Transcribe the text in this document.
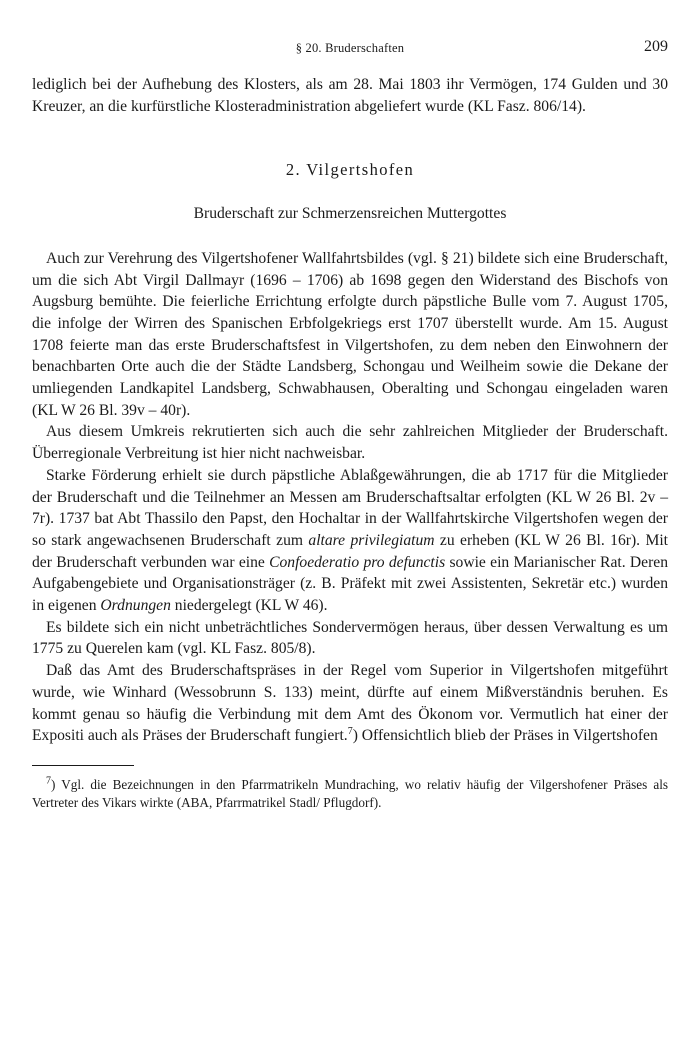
§ 20. Bruderschaften	209

lediglich bei der Aufhebung des Klosters, als am 28. Mai 1803 ihr Vermögen, 174 Gulden und 30 Kreuzer, an die kurfürstliche Klosteradministration abgeliefert wurde (KL Fasz. 806/14).

2. Vilgertshofen
Bruderschaft zur Schmerzensreichen Muttergottes

Auch zur Verehrung des Vilgertshofener Wallfahrtsbildes (vgl. § 21) bildete sich eine Bruderschaft, um die sich Abt Virgil Dallmayr (1696 – 1706) ab 1698 gegen den Widerstand des Bischofs von Augsburg bemühte. Die feierliche Errichtung erfolgte durch päpstliche Bulle vom 7. August 1705, die infolge der Wirren des Spanischen Erbfolgekriegs erst 1707 überstellt wurde. Am 15. August 1708 feierte man das erste Bruderschaftsfest in Vilgertshofen, zu dem neben den Einwohnern der benachbarten Orte auch die der Städte Landsberg, Schongau und Weilheim sowie die Dekane der umliegenden Landkapitel Landsberg, Schwabhausen, Oberalting und Schongau eingeladen waren (KL W 26 Bl. 39v – 40r).

Aus diesem Umkreis rekrutierten sich auch die sehr zahlreichen Mitglieder der Bruderschaft. Überregionale Verbreitung ist hier nicht nachweisbar.

Starke Förderung erhielt sie durch päpstliche Ablaßgewährungen, die ab 1717 für die Mitglieder der Bruderschaft und die Teilnehmer an Messen am Bruderschaftsaltar erfolgten (KL W 26 Bl. 2v – 7r). 1737 bat Abt Thassilo den Papst, den Hochaltar in der Wallfahrtskirche Vilgertshofen wegen der so stark angewachsenen Bruderschaft zum altare privilegiatum zu erheben (KL W 26 Bl. 16r). Mit der Bruderschaft verbunden war eine Confoederatio pro defunctis sowie ein Marianischer Rat. Deren Aufgabengebiete und Organisationsträger (z. B. Präfekt mit zwei Assistenten, Sekretär etc.) wurden in eigenen Ordnungen niedergelegt (KL W 46).

Es bildete sich ein nicht unbeträchtliches Sondervermögen heraus, über dessen Verwaltung es um 1775 zu Querelen kam (vgl. KL Fasz. 805/8).

Daß das Amt des Bruderschaftspräses in der Regel vom Superior in Vilgertshofen mitgeführt wurde, wie Winhard (Wessobrunn S. 133) meint, dürfte auf einem Mißverständnis beruhen. Es kommt genau so häufig die Verbindung mit dem Amt des Ökonom vor. Vermutlich hat einer der Expositi auch als Präses der Bruderschaft fungiert.$^7$) Offensichtlich blieb der Präses in Vilgertshofen

$^7$) Vgl. die Bezeichnungen in den Pfarrmatrikeln Mundraching, wo relativ häufig der Vilgershofener Präses als Vertreter des Vikars wirkte (ABA, Pfarrmatrikel Stadl/ Pflugdorf).
